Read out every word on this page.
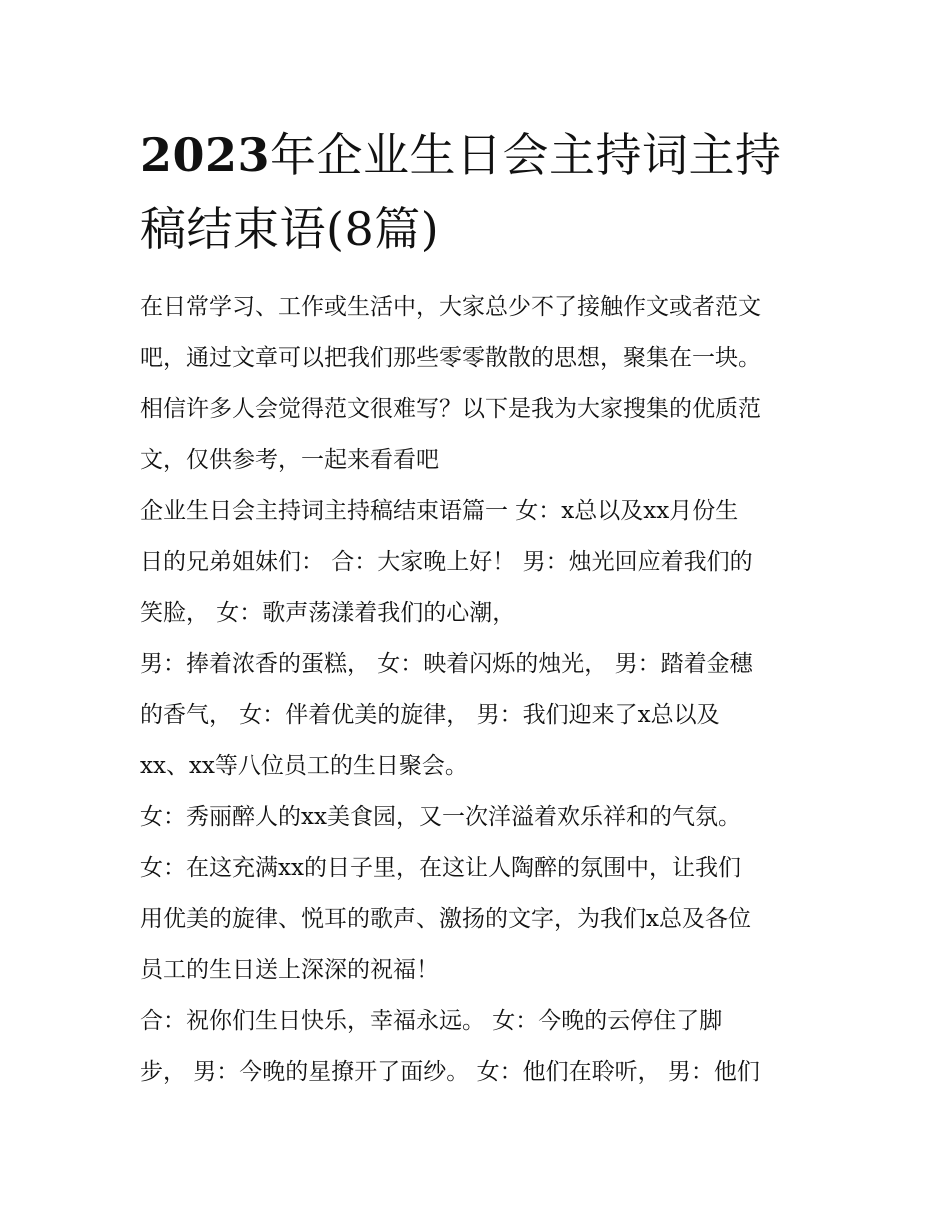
2023年企业生日会主持词主持
稿结束语(8篇)
在日常学习、工作或生活中，大家总少不了接触作文或者范文
吧，通过文章可以把我们那些零零散散的思想，聚集在一块。
相信许多人会觉得范文很难写？以下是我为大家搜集的优质范
文，仅供参考，一起来看看吧
企业生日会主持词主持稿结束语篇一 女：x总以及xx月份生
日的兄弟姐妹们： 合：大家晚上好！ 男：烛光回应着我们的
笑脸， 女：歌声荡漾着我们的心潮，
男：捧着浓香的蛋糕， 女：映着闪烁的烛光， 男：踏着金穗
的香气， 女：伴着优美的旋律， 男：我们迎来了x总以及
xx、xx等八位员工的生日聚会。
女：秀丽醉人的xx美食园，又一次洋溢着欢乐祥和的气氛。
女：在这充满xx的日子里，在这让人陶醉的氛围中，让我们
用优美的旋律、悦耳的歌声、激扬的文字，为我们x总及各位
员工的生日送上深深的祝福！
合：祝你们生日快乐，幸福永远。 女：今晚的云停住了脚
步， 男：今晚的星撩开了面纱。 女：他们在聆听， 男：他们
